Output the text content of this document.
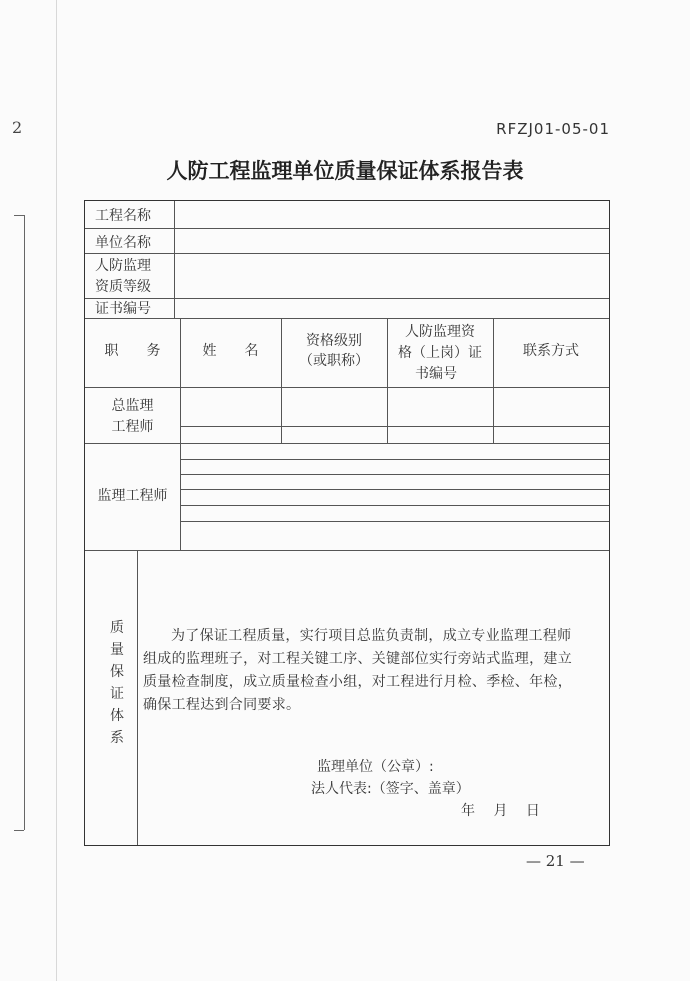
2	RFZJ01-05-01
人防工程监理单位质量保证体系报告表
工程名称
单位名称
人防监理
资质等级
证书编号
职　　务	姓　　名
资格级别
（或职称）
人防监理资
格（上岗）证
书编号
联系方式
总监理
工程师
监理工程师
质
量
保
证
体
系
为了保证工程质量，实行项目总监负责制，成立专业监理工程师组成的监理班子，对工程关键工序、关键部位实行旁站式监理，建立质量检查制度，成立质量检查小组，对工程进行月检、季检、年检，确保工程达到合同要求。
监理单位（公章）:
法人代表:（签字、盖章）
年　 月　 日
— 21 —
